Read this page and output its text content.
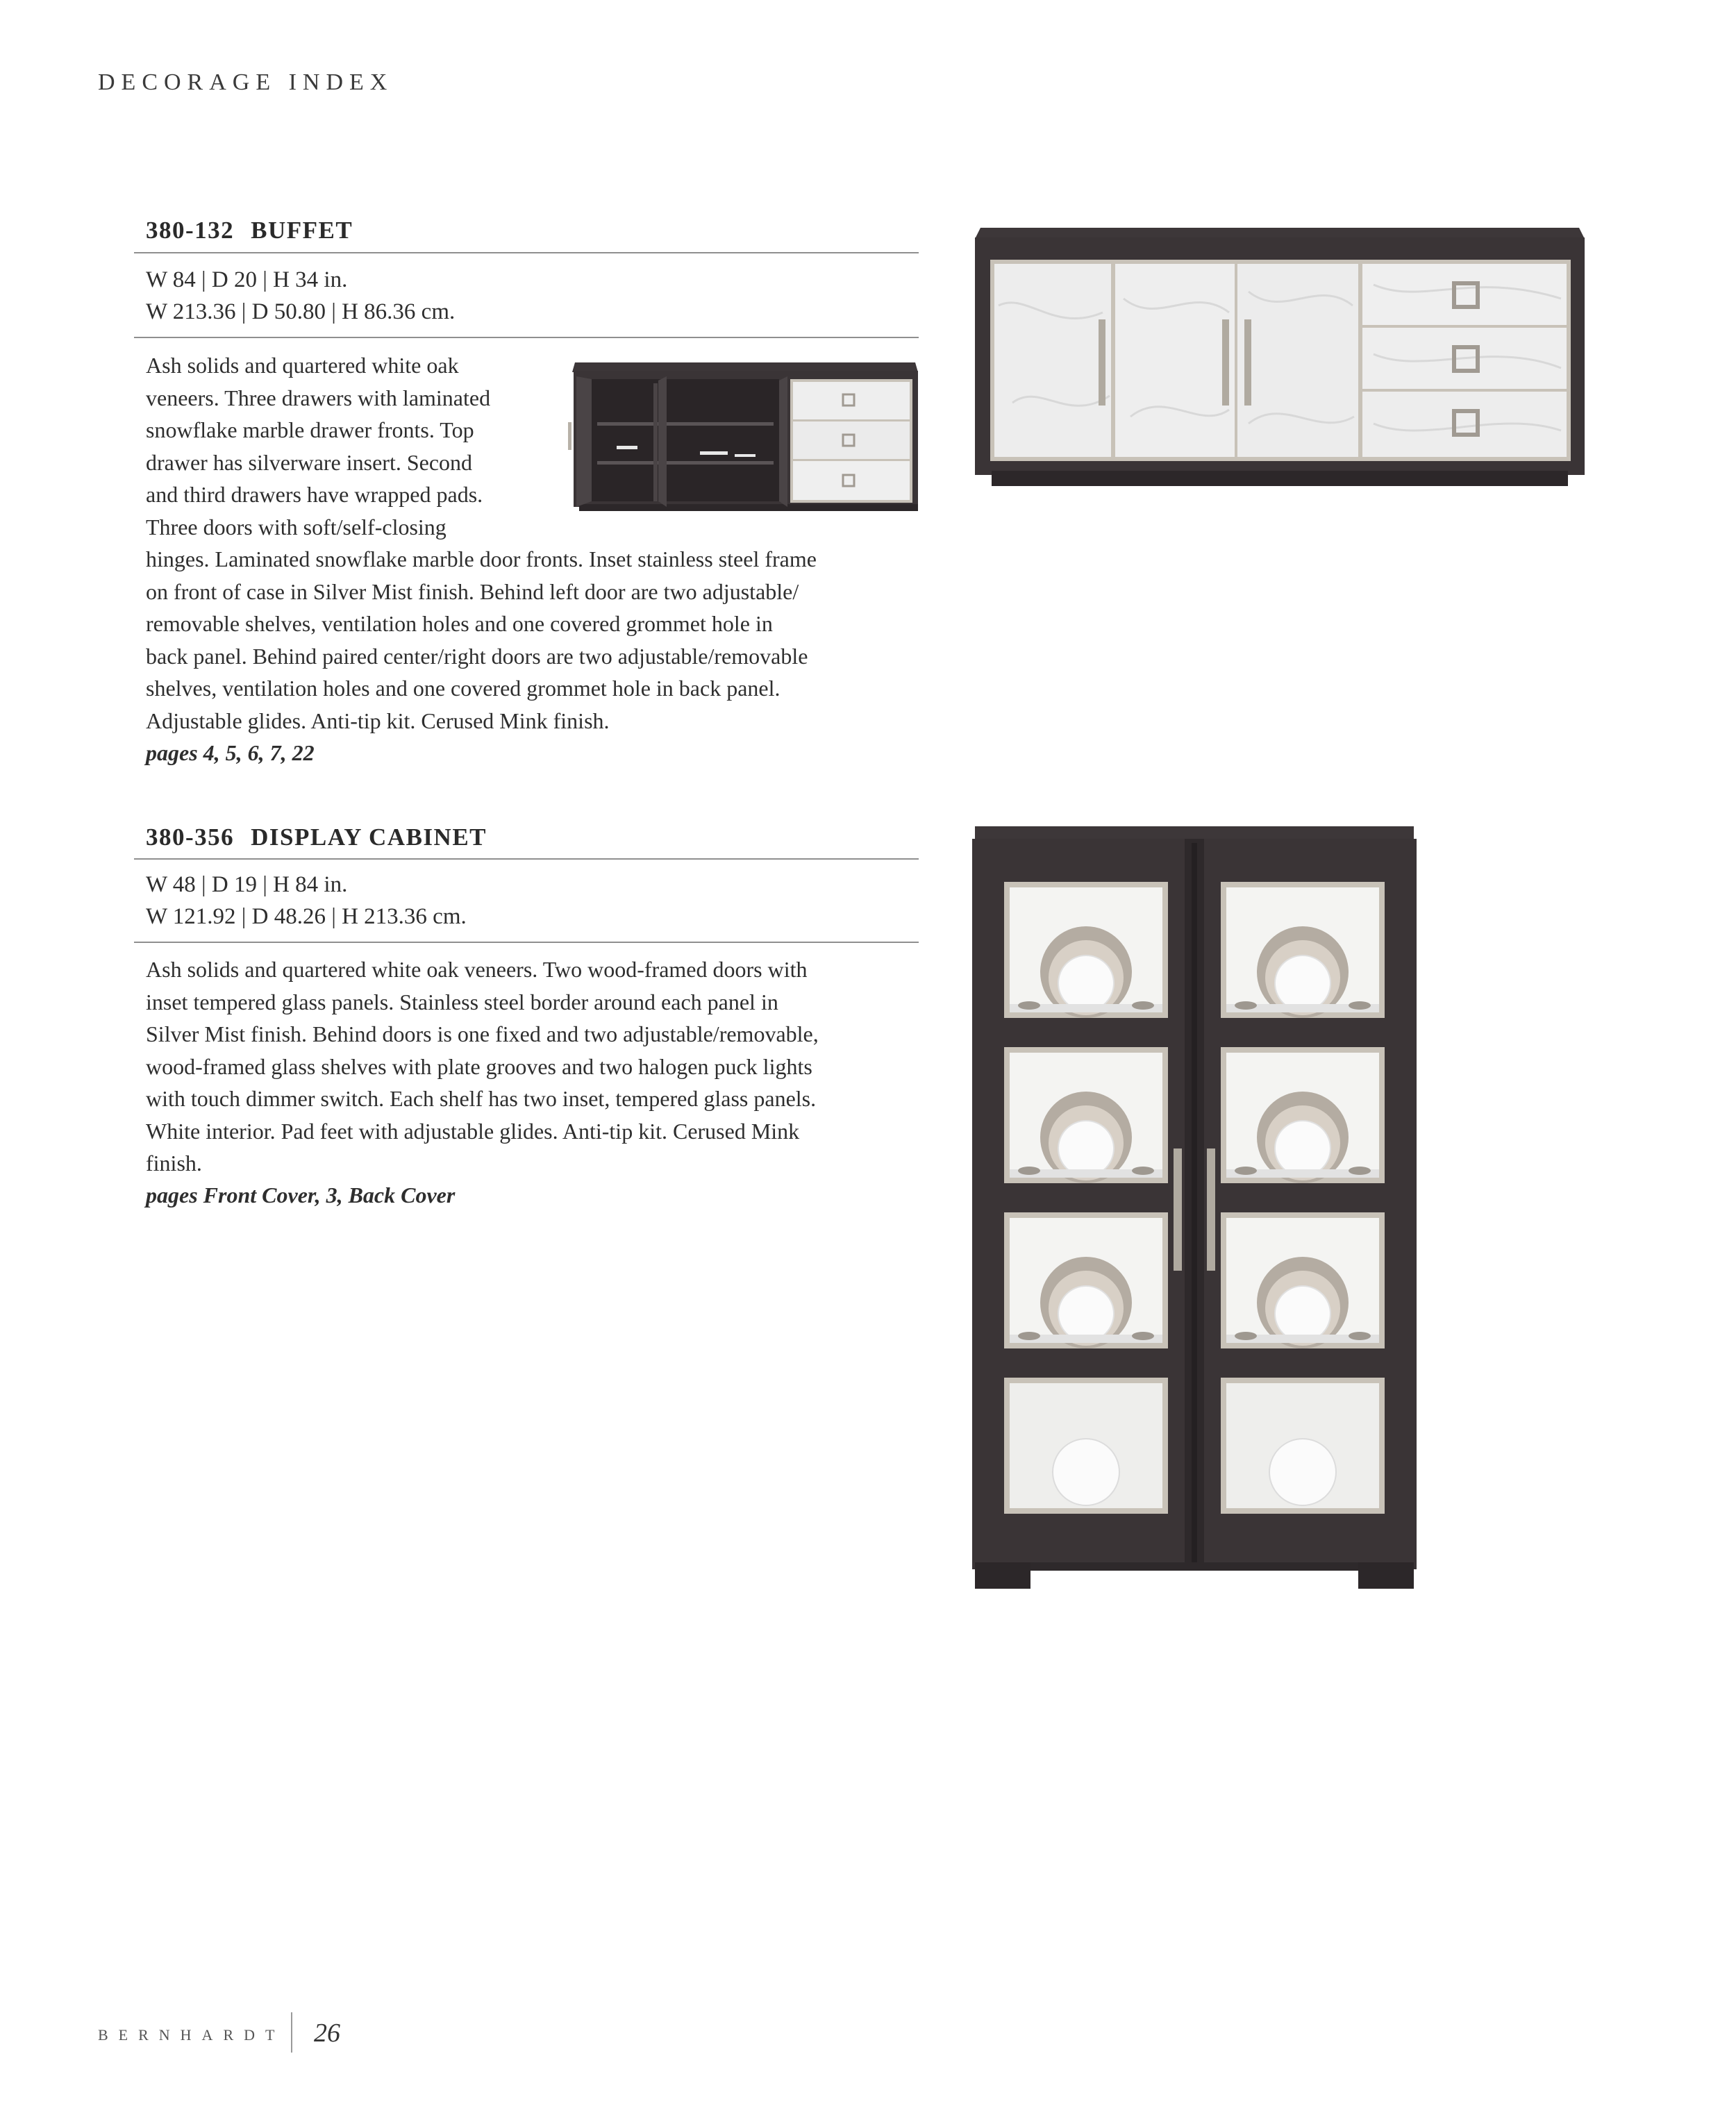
DECORAGE INDEX
380-132 BUFFET
W 84 | D 20 | H 34 in.
W 213.36 | D 50.80 | H 86.36 cm.
Ash solids and quartered white oak
veneers. Three drawers with laminated
snowflake marble drawer fronts. Top
drawer has silverware insert. Second
and third drawers have wrapped pads.
Three doors with soft/self-closing
hinges. Laminated snowflake marble door fronts. Inset stainless steel frame
on front of case in Silver Mist finish. Behind left door are two adjustable/
removable shelves, ventilation holes and one covered grommet hole in
back panel. Behind paired center/right doors are two adjustable/removable
shelves, ventilation holes and one covered grommet hole in back panel.
Adjustable glides. Anti-tip kit. Cerused Mink finish.
pages 4, 5, 6, 7, 22
380-356 DISPLAY CABINET
W 48 | D 19 | H 84 in.
W 121.92 | D 48.26 | H 213.36 cm.
Ash solids and quartered white oak veneers. Two wood-framed doors with
inset tempered glass panels. Stainless steel border around each panel in
Silver Mist finish. Behind doors is one fixed and two adjustable/removable,
wood-framed glass shelves with plate grooves and two halogen puck lights
with touch dimmer switch. Each shelf has two inset, tempered glass panels.
White interior. Pad feet with adjustable glides. Anti-tip kit. Cerused Mink
finish.
pages Front Cover, 3, Back Cover
BERNHARDT 26
